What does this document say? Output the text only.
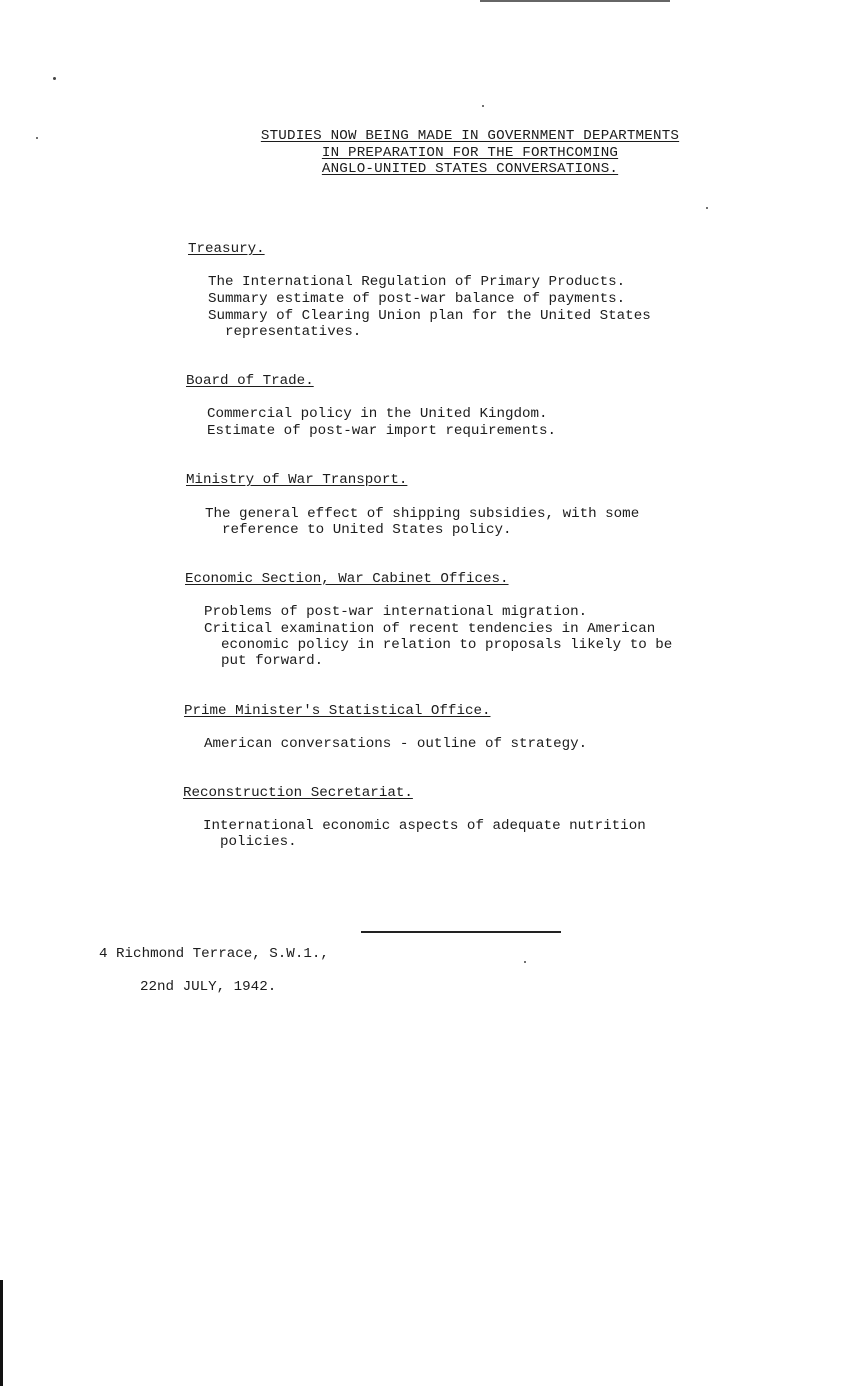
STUDIES NOW BEING MADE IN GOVERNMENT DEPARTMENTS
IN PREPARATION FOR THE FORTHCOMING
ANGLO-UNITED STATES CONVERSATIONS.
Treasury.
The International Regulation of Primary Products.
Summary estimate of post-war balance of payments.
Summary of Clearing Union plan for the United States
representatives.
Board of Trade.
Commercial policy in the United Kingdom.
Estimate of post-war import requirements.
Ministry of War Transport.
The general effect of shipping subsidies, with some
reference to United States policy.
Economic Section, War Cabinet Offices.
Problems of post-war international migration.
Critical examination of recent tendencies in American
economic policy in relation to proposals likely to be
put forward.
Prime Minister's Statistical Office.
American conversations - outline of strategy.
Reconstruction Secretariat.
International economic aspects of adequate nutrition
policies.
4 Richmond Terrace, S.W.1.,
22nd JULY, 1942.
